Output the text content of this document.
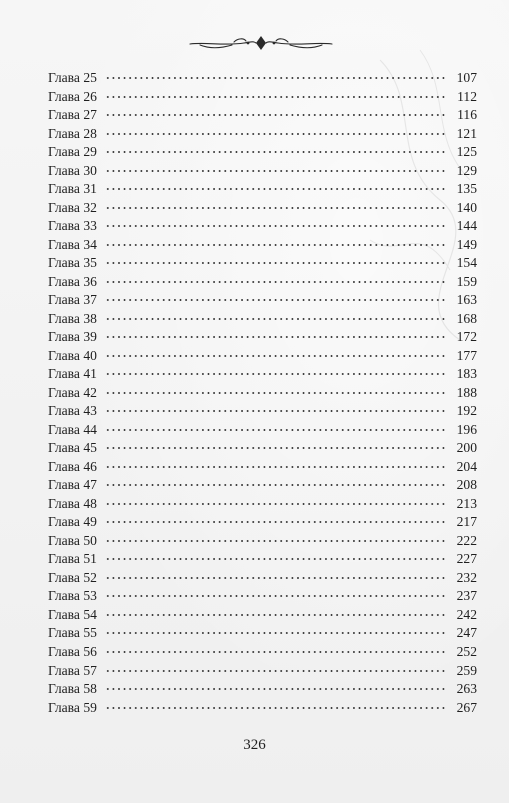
Глава 25	107
Глава 26	112
Глава 27	116
Глава 28	121
Глава 29	125
Глава 30	129
Глава 31	135
Глава 32	140
Глава 33	144
Глава 34	149
Глава 35	154
Глава 36	159
Глава 37	163
Глава 38	168
Глава 39	172
Глава 40	177
Глава 41	183
Глава 42	188
Глава 43	192
Глава 44	196
Глава 45	200
Глава 46	204
Глава 47	208
Глава 48	213
Глава 49	217
Глава 50	222
Глава 51	227
Глава 52	232
Глава 53	237
Глава 54	242
Глава 55	247
Глава 56	252
Глава 57	259
Глава 58	263
Глава 59	267
326
